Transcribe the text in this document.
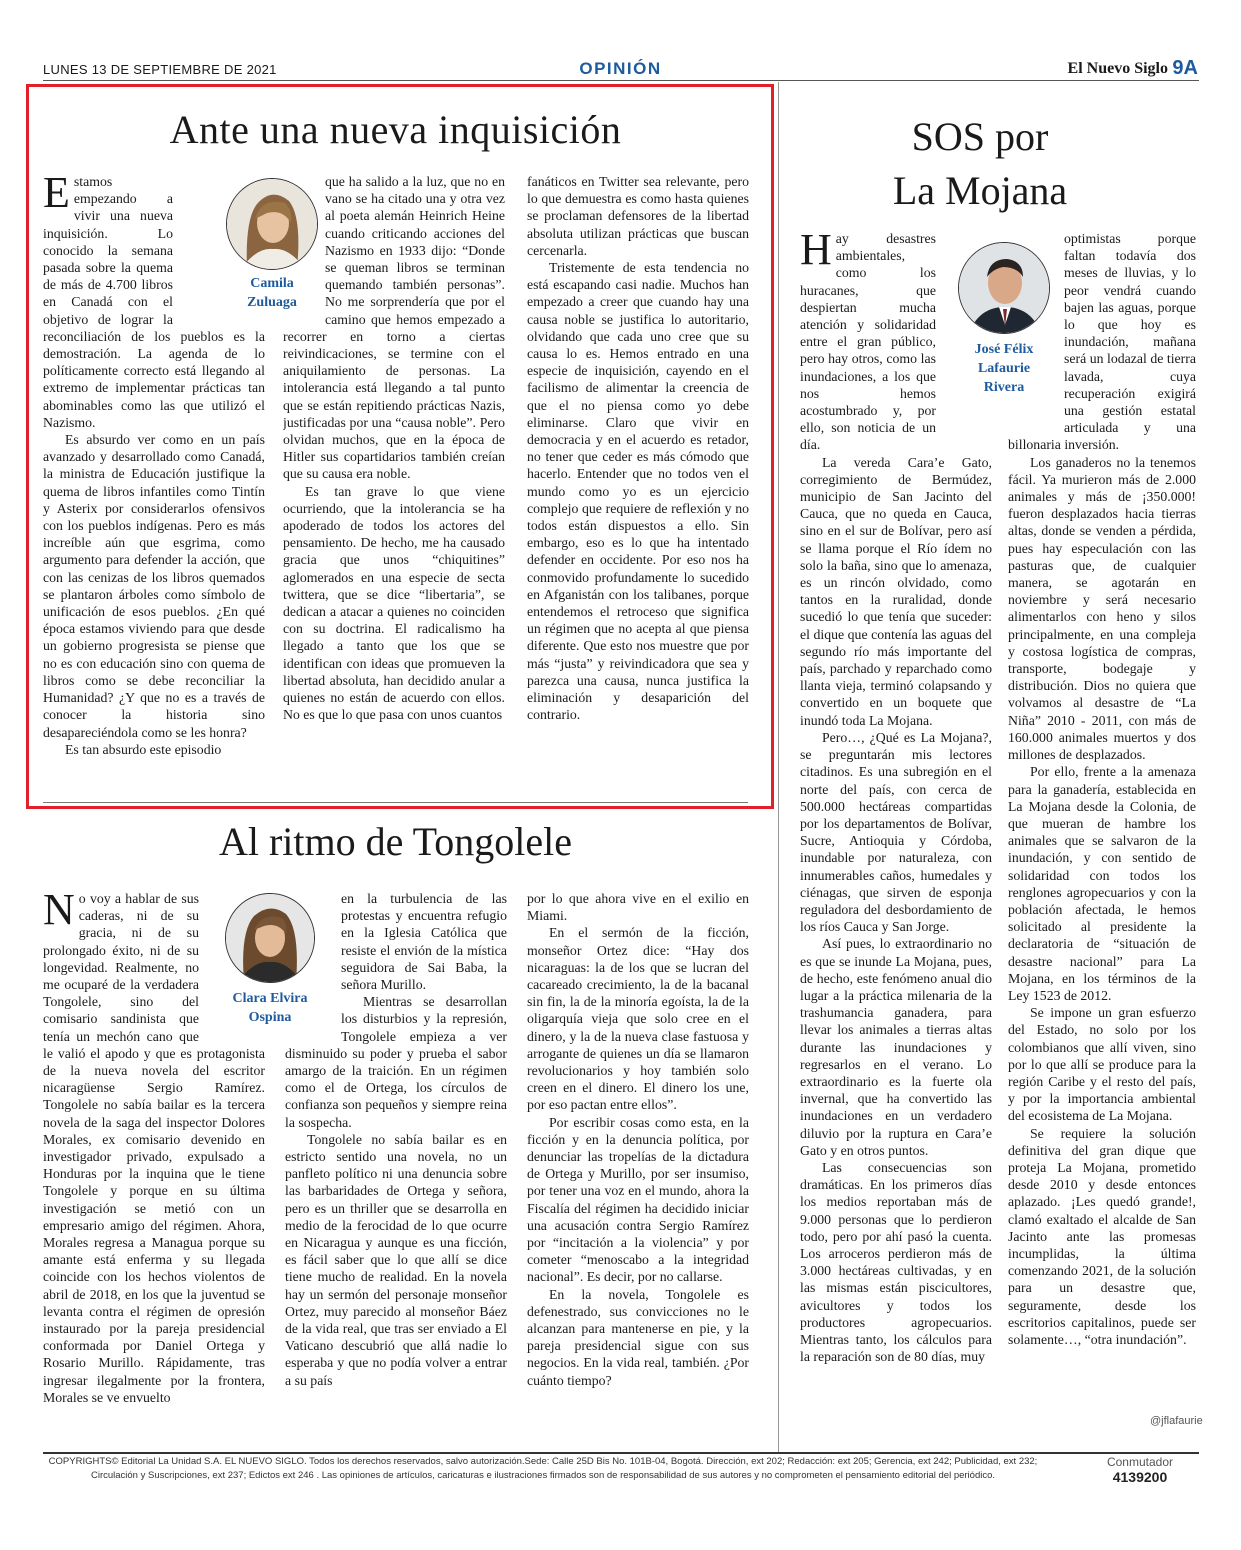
LUNES 13 DE SEPTIEMBRE DE 2021	OPINIÓN	El Nuevo Siglo 9A
Ante una nueva inquisición
Camila Zuluaga

Estamos empezando a vivir una nueva inquisición. Lo conocido la semana pasada sobre la quema de más de 4.700 libros en Canadá con el objetivo de lograr la reconciliación de los pueblos es la demostración. La agenda de lo políticamente correcto está llegando al extremo de implementar prácticas tan abominables como las que utilizó el Nazismo.

Es absurdo ver como en un país avanzado y desarrollado como Canadá, la ministra de Educación justifique la quema de libros infantiles como Tintín y Asterix por considerarlos ofensivos con los pueblos indígenas. Pero es más increíble aún que esgrima, como argumento para defender la acción, que con las cenizas de los libros quemados se plantaron árboles como símbolo de unificación de esos pueblos. ¿En qué época estamos viviendo para que desde un gobierno progresista se piense que no es con educación sino con quema de libros como se debe reconciliar la Humanidad? ¿Y que no es a través de conocer la historia sino desapareciéndola como se les honra?

Es tan absurdo este episodio

que ha salido a la luz, que no en vano se ha citado una y otra vez al poeta alemán Heinrich Heine cuando criticando acciones del Nazismo en 1933 dijo: “Donde se queman libros se terminan quemando también personas”. No me sorprendería que por el camino que hemos empezado a recorrer en torno a ciertas reivindicaciones, se termine con el aniquilamiento de personas. La intolerancia está llegando a tal punto que se están repitiendo prácticas Nazis, justificadas por una “causa noble”. Pero olvidan muchos, que en la época de Hitler sus copartidarios también creían que su causa era noble.

Es tan grave lo que viene ocurriendo, que la intolerancia se ha apoderado de todos los actores del pensamiento. De hecho, me ha causado gracia que unos “chiquitines” aglomerados en una especie de secta twittera, que se dice “libertaria”, se dedican a atacar a quienes no coinciden con su doctrina. El radicalismo ha llegado a tanto que los que se identifican con ideas que promueven la libertad absoluta, han decidido anular a quienes no están de acuerdo con ellos. No es que lo que pasa con unos cuantos

fanáticos en Twitter sea relevante, pero lo que demuestra es como hasta quienes se proclaman defensores de la libertad absoluta utilizan prácticas que buscan cercenarla.

Tristemente de esta tendencia no está escapando casi nadie. Muchos han empezado a creer que cuando hay una causa noble se justifica lo autoritario, olvidando que cada uno cree que su causa lo es. Hemos entrado en una especie de inquisición, cayendo en el facilismo de alimentar la creencia de que el no piensa como yo debe eliminarse. Claro que vivir en democracia y en el acuerdo es retador, no tener que ceder es más cómodo que hacerlo. Entender que no todos ven el mundo como yo es un ejercicio complejo que requiere de reflexión y no todos están dispuestos a ello. Sin embargo, eso es lo que ha intentado defender en occidente. Por eso nos ha conmovido profundamente lo sucedido en Afganistán con los talibanes, porque entendemos el retroceso que significa un régimen que no acepta al que piensa diferente. Que esto nos muestre que por más “justa” y reivindicadora que sea y parezca una causa, nunca justifica la eliminación y desaparición del contrario.

Al ritmo de Tongolele
Clara Elvira Ospina

No voy a hablar de sus caderas, ni de su gracia, ni de su prolongado éxito, ni de su longevidad. Realmente, no me ocuparé de la verdadera Tongolele, sino del comisario sandinista que tenía un mechón cano que le valió el apodo y que es protagonista de la nueva novela del escritor nicaragüense Sergio Ramírez. Tongolele no sabía bailar es la tercera novela de la saga del inspector Dolores Morales, ex comisario devenido en investigador privado, expulsado a Honduras por la inquina que le tiene Tongolele y porque en su última investigación se metió con un empresario amigo del régimen. Ahora, Morales regresa a Managua porque su amante está enferma y su llegada coincide con los hechos violentos de abril de 2018, en los que la juventud se levanta contra el régimen de opresión instaurado por la pareja presidencial conformada por Daniel Ortega y Rosario Murillo. Rápidamente, tras ingresar ilegalmente por la frontera, Morales se ve envuelto

en la turbulencia de las protestas y encuentra refugio en la Iglesia Católica que resiste el envión de la mística seguidora de Sai Baba, la señora Murillo.

Mientras se desarrollan los disturbios y la represión, Tongolele empieza a ver disminuido su poder y prueba el sabor amargo de la traición. En un régimen como el de Ortega, los círculos de confianza son pequeños y siempre reina la sospecha.

Tongolele no sabía bailar es en estricto sentido una novela, no un panfleto político ni una denuncia sobre las barbaridades de Ortega y señora, pero es un thriller que se desarrolla en medio de la ferocidad de lo que ocurre en Nicaragua y aunque es una ficción, es fácil saber que lo que allí se dice tiene mucho de realidad. En la novela hay un sermón del personaje monseñor Ortez, muy parecido al monseñor Báez de la vida real, que tras ser enviado a El Vaticano descubrió que allá nadie lo esperaba y que no podía volver a entrar a su país

por lo que ahora vive en el exilio en Miami.

En el sermón de la ficción, monseñor Ortez dice: “Hay dos nicaraguas: la de los que se lucran del cacareado crecimiento, la de la bacanal sin fin, la de la minoría egoísta, la de la oligarquía vieja que solo cree en el dinero, y la de la nueva clase fastuosa y arrogante de quienes un día se llamaron revolucionarios y hoy también solo creen en el dinero. El dinero los une, por eso pactan entre ellos”.

Por escribir cosas como esta, en la ficción y en la denuncia política, por denunciar las tropelías de la dictadura de Ortega y Murillo, por ser insumiso, por tener una voz en el mundo, ahora la Fiscalía del régimen ha decidido iniciar una acusación contra Sergio Ramírez por “incitación a la violencia” y por cometer “menoscabo a la integridad nacional”. Es decir, por no callarse.

En la novela, Tongolele es defenestrado, sus convicciones no le alcanzan para mantenerse en pie, y la pareja presidencial sigue con sus negocios. En la vida real, también. ¿Por cuánto tiempo?

SOS por
La Mojana
José Félix Lafaurie Rivera

Hay desastres ambientales, como los huracanes, que despiertan mucha atención y solidaridad entre el gran público, pero hay otros, como las inundaciones, a los que nos hemos acostumbrado y, por ello, son noticia de un día.

La vereda Cara’e Gato, corregimiento de Bermúdez, municipio de San Jacinto del Cauca, que no queda en Cauca, sino en el sur de Bolívar, pero así se llama porque el Río ídem no solo la baña, sino que lo amenaza, es un rincón olvidado, como tantos en la ruralidad, donde sucedió lo que tenía que suceder: el dique que contenía las aguas del segundo río más importante del país, parchado y reparchado como llanta vieja, terminó colapsando y convertido en un boquete que inundó toda La Mojana.

Pero…, ¿Qué es La Mojana?, se preguntarán mis lectores citadinos. Es una subregión en el norte del país, con cerca de 500.000 hectáreas compartidas por los departamentos de Bolívar, Sucre, Antioquia y Córdoba, inundable por naturaleza, con innumerables caños, humedales y ciénagas, que sirven de esponja reguladora del desbordamiento de los ríos Cauca y San Jorge.

Así pues, lo extraordinario no es que se inunde La Mojana, pues, de hecho, este fenómeno anual dio lugar a la práctica milenaria de la trashumancia ganadera, para llevar los animales a tierras altas durante las inundaciones y regresarlos en el verano. Lo extraordinario es la fuerte ola invernal, que ha convertido las inundaciones en un verdadero diluvio por la ruptura en Cara’e Gato y en otros puntos.

Las consecuencias son dramáticas. En los primeros días los medios reportaban más de 9.000 personas que lo perdieron todo, pero por ahí pasó la cuenta. Los arroceros perdieron más de 3.000 hectáreas cultivadas, y en las mismas están piscicultores, avicultores y todos los productores agropecuarios. Mientras tanto, los cálculos para la reparación son de 80 días, muy

optimistas porque faltan todavía dos meses de lluvias, y lo peor vendrá cuando bajen las aguas, porque lo que hoy es inundación, mañana será un lodazal de tierra lavada, cuya recuperación exigirá una gestión estatal articulada y una billonaria inversión.

Los ganaderos no la tenemos fácil. Ya murieron más de 2.000 animales y más de ¡350.000! fueron desplazados hacia tierras altas, donde se venden a pérdida, pues hay especulación con las pasturas que, de cualquier manera, se agotarán en noviembre y será necesario alimentarlos con heno y silos principalmente, en una compleja y costosa logística de compras, transporte, bodegaje y distribución. Dios no quiera que volvamos al desastre de “La Niña” 2010 - 2011, con más de 160.000 animales muertos y dos millones de desplazados.

Por ello, frente a la amenaza para la ganadería, establecida en La Mojana desde la Colonia, de que mueran de hambre los animales que se salvaron de la inundación, y con sentido de solidaridad con todos los renglones agropecuarios y con la población afectada, le hemos solicitado al presidente la declaratoria de “situación de desastre nacional” para La Mojana, en los términos de la Ley 1523 de 2012.

Se impone un gran esfuerzo del Estado, no solo por los colombianos que allí viven, sino por lo que allí se produce para la región Caribe y el resto del país, y por la importancia ambiental del ecosistema de La Mojana.

Se requiere la solución definitiva del gran dique que proteja La Mojana, prometido desde 2010 y desde entonces aplazado. ¡Les quedó grande!, clamó exaltado el alcalde de San Jacinto ante las promesas incumplidas, la última comenzando 2021, de la solución para un desastre que, seguramente, desde los escritorios capitalinos, puede ser solamente…, “otra inundación”.

@jflafaurie
COPYRIGHTS© Editorial La Unidad S.A. EL NUEVO SIGLO. Todos los derechos reservados, salvo autorización.Sede: Calle 25D Bis No. 101B-04, Bogotá. Dirección, ext 202; Redacción: ext 205; Gerencia, ext 242; Publicidad, ext 232;
Circulación y Suscripciones, ext 237; Edictos ext 246 . Las opiniones de artículos, caricaturas e ilustraciones firmados son de responsabilidad de sus autores y no comprometen el pensamiento editorial del periódico.
Conmutador
4139200
